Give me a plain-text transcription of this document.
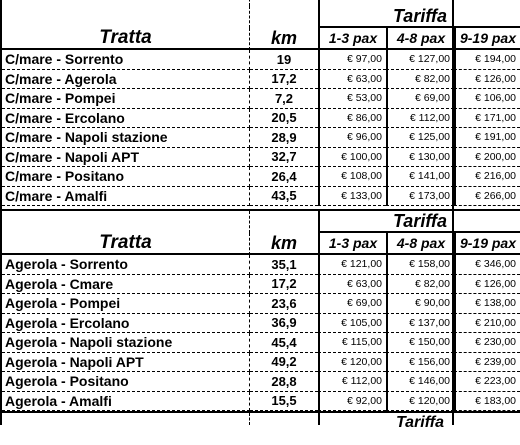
Tariffa
Tratta	km	1-3 pax	4-8 pax	9-19 pax
C/mare - Sorrento	19	€ 97,00	€ 127,00	€ 194,00
C/mare - Agerola	17,2	€ 63,00	€ 82,00	€ 126,00
C/mare - Pompei	7,2	€ 53,00	€ 69,00	€ 106,00
C/mare - Ercolano	20,5	€ 86,00	€ 112,00	€ 171,00
C/mare - Napoli stazione	28,9	€ 96,00	€ 125,00	€ 191,00
C/mare - Napoli APT	32,7	€ 100,00	€ 130,00	€ 200,00
C/mare - Positano	26,4	€ 108,00	€ 141,00	€ 216,00
C/mare - Amalfi	43,5	€ 133,00	€ 173,00	€ 266,00
Tariffa
Tratta	km	1-3 pax	4-8 pax	9-19 pax
Agerola - Sorrento	35,1	€ 121,00	€ 158,00	€ 346,00
Agerola - Cmare	17,2	€ 63,00	€ 82,00	€ 126,00
Agerola - Pompei	23,6	€ 69,00	€ 90,00	€ 138,00
Agerola - Ercolano	36,9	€ 105,00	€ 137,00	€ 210,00
Agerola - Napoli stazione	45,4	€ 115,00	€ 150,00	€ 230,00
Agerola - Napoli APT	49,2	€ 120,00	€ 156,00	€ 239,00
Agerola - Positano	28,8	€ 112,00	€ 146,00	€ 223,00
Agerola - Amalfi	15,5	€ 92,00	€ 120,00	€ 183,00
Tariffa
